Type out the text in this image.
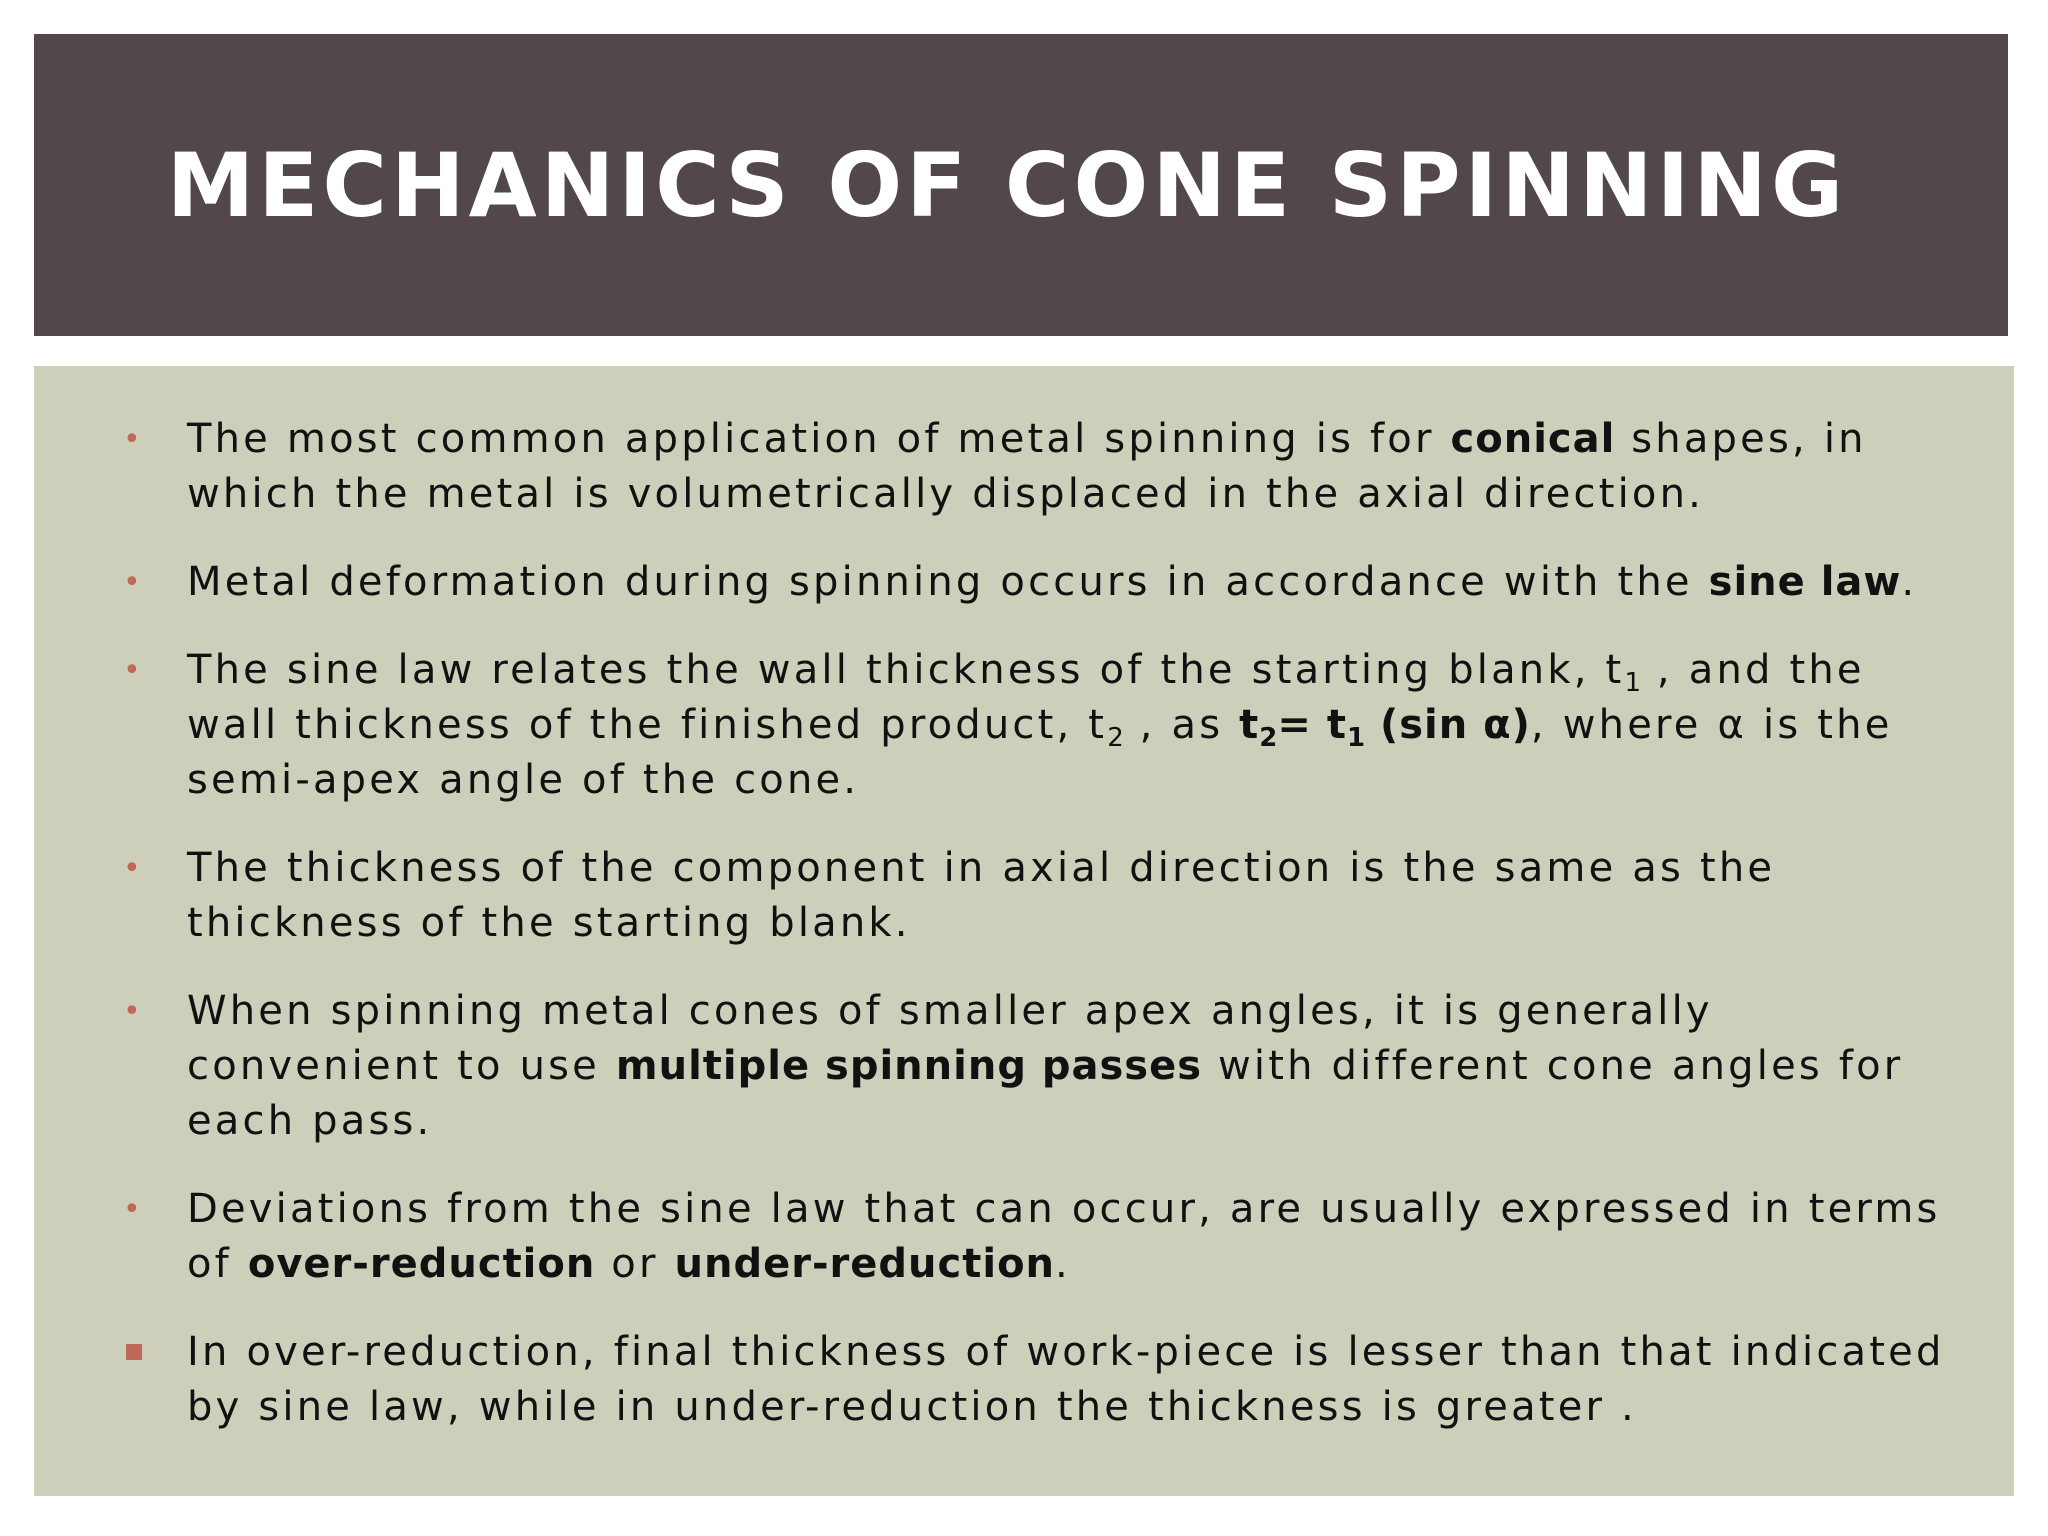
MECHANICS OF CONE SPINNING
• The most common application of metal spinning is for conical shapes, in which the metal is volumetrically displaced in the axial direction.
• Metal deformation during spinning occurs in accordance with the sine law.
• The sine law relates the wall thickness of the starting blank, $t_1$ , and the wall thickness of the finished product, $t_2$ , as $t_2= t_1$ (sin α), where α is the semi-apex angle of the cone.
• The thickness of the component in axial direction is the same as the thickness of the starting blank.
• When spinning metal cones of smaller apex angles, it is generally convenient to use multiple spinning passes with different cone angles for each pass.
• Deviations from the sine law that can occur, are usually expressed in terms of over-reduction or under-reduction.
In over-reduction, final thickness of work-piece is lesser than that indicated by sine law, while in under-reduction the thickness is greater .
